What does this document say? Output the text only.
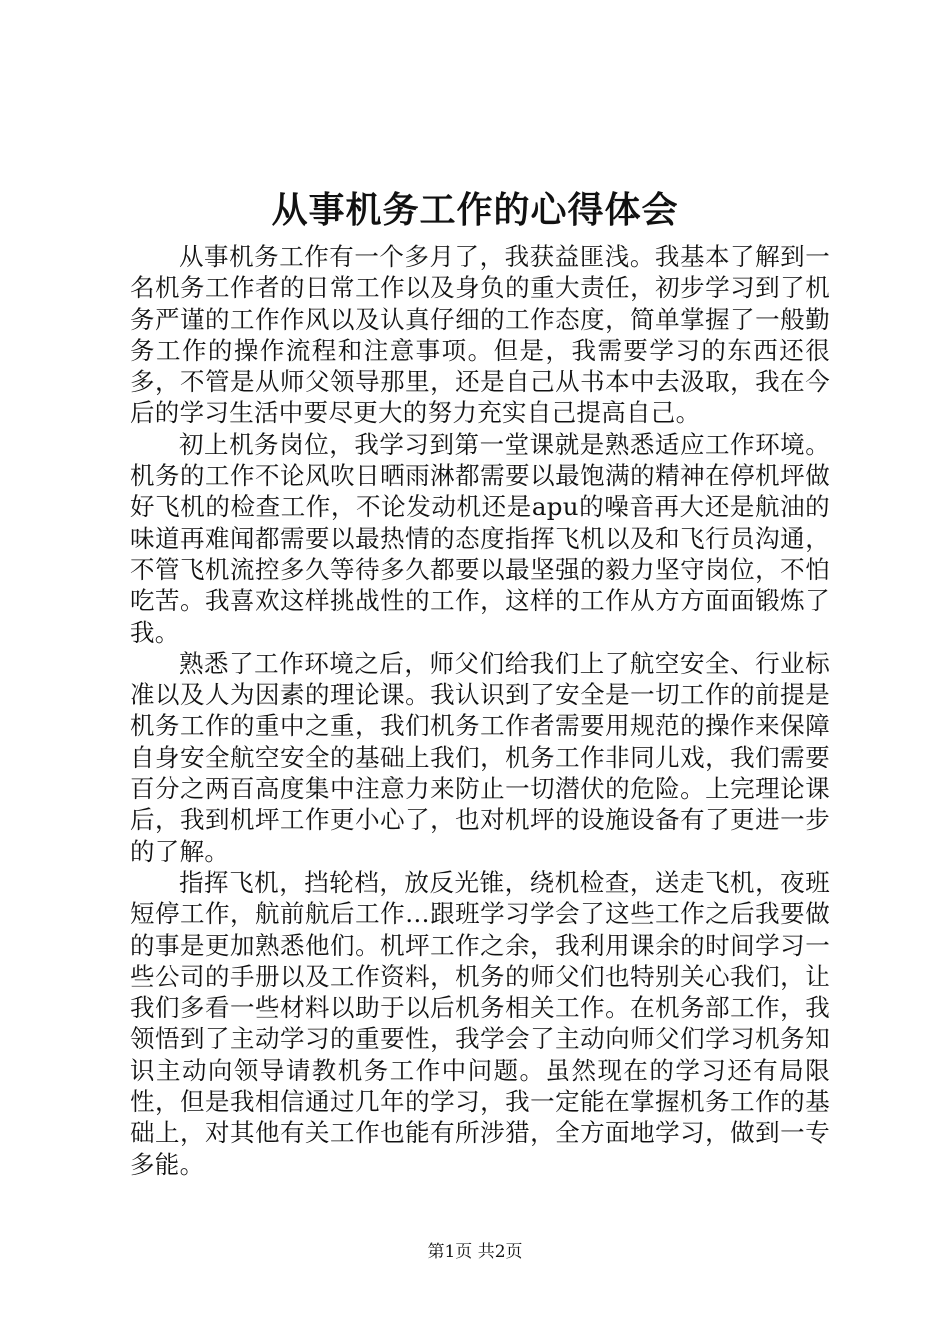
从事机务工作的心得体会

从事机务工作有一个多月了，我获益匪浅。我基本了解到一名机务工作者的日常工作以及身负的重大责任，初步学习到了机务严谨的工作作风以及认真仔细的工作态度，简单掌握了一般勤务工作的操作流程和注意事项。但是，我需要学习的东西还很多，不管是从师父领导那里，还是自己从书本中去汲取，我在今后的学习生活中要尽更大的努力充实自己提高自己。

初上机务岗位，我学习到第一堂课就是熟悉适应工作环境。机务的工作不论风吹日晒雨淋都需要以最饱满的精神在停机坪做好飞机的检查工作，不论发动机还是apu的噪音再大还是航油的味道再难闻都需要以最热情的态度指挥飞机以及和飞行员沟通，不管飞机流控多久等待多久都要以最坚强的毅力坚守岗位，不怕吃苦。我喜欢这样挑战性的工作，这样的工作从方方面面锻炼了我。

熟悉了工作环境之后，师父们给我们上了航空安全、行业标准以及人为因素的理论课。我认识到了安全是一切工作的前提是机务工作的重中之重，我们机务工作者需要用规范的操作来保障自身安全航空安全的基础上我们，机务工作非同儿戏，我们需要百分之两百高度集中注意力来防止一切潜伏的危险。上完理论课后，我到机坪工作更小心了，也对机坪的设施设备有了更进一步的了解。

指挥飞机，挡轮档，放反光锥，绕机检查，送走飞机，夜班短停工作，航前航后工作…跟班学习学会了这些工作之后我要做的事是更加熟悉他们。机坪工作之余，我利用课余的时间学习一些公司的手册以及工作资料，机务的师父们也特别关心我们，让我们多看一些材料以助于以后机务相关工作。在机务部工作，我领悟到了主动学习的重要性，我学会了主动向师父们学习机务知识主动向领导请教机务工作中问题。虽然现在的学习还有局限性，但是我相信通过几年的学习，我一定能在掌握机务工作的基础上，对其他有关工作也能有所涉猎，全方面地学习，做到一专多能。

第1页 共2页
